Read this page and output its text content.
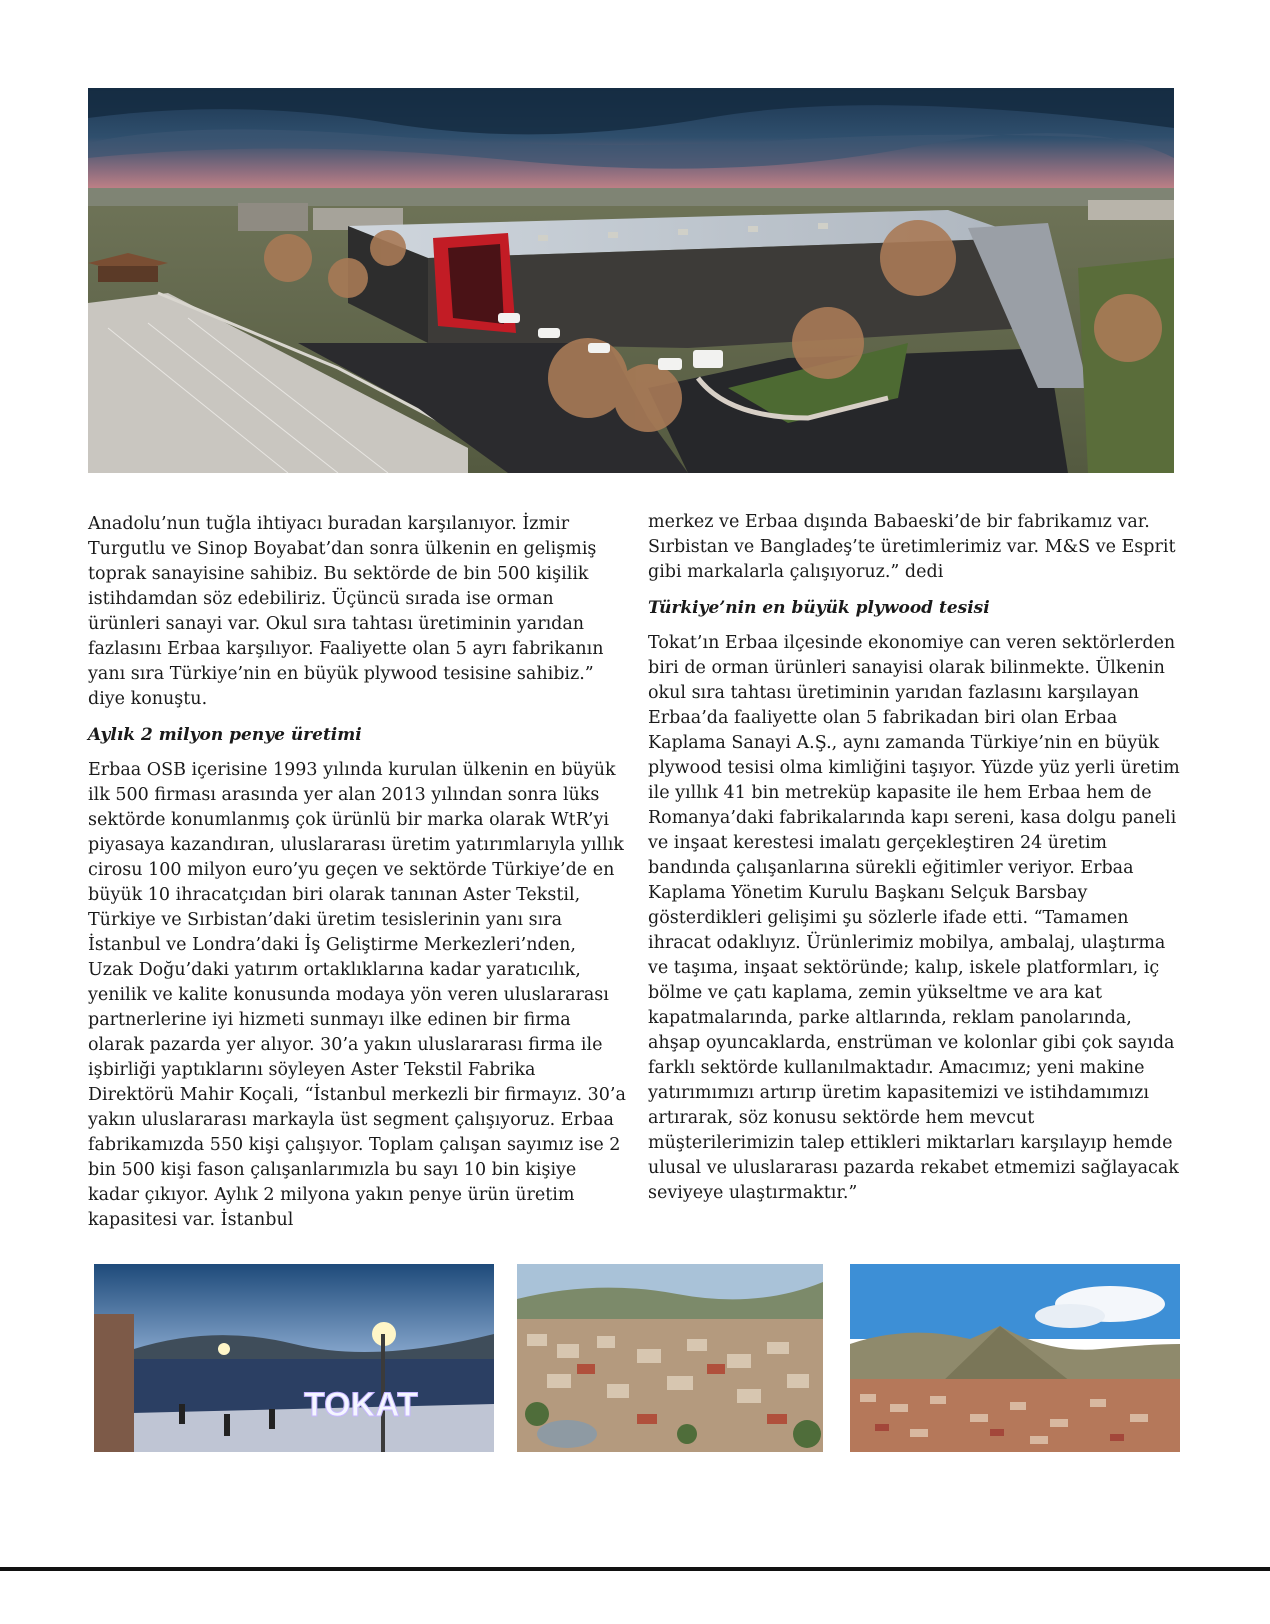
Anadolu’nun tuğla ihtiyacı buradan karşılanıyor. İzmir Turgutlu ve Sinop Boyabat’dan sonra ülkenin en gelişmiş toprak sanayisine sahibiz. Bu sektörde de bin 500 kişilik istihdamdan söz edebiliriz. Üçüncü sırada ise orman ürünleri sanayi var. Okul sıra tahtası üretiminin yarıdan fazlasını Erbaa karşılıyor. Faaliyette olan 5 ayrı fabrikanın yanı sıra Türkiye’nin en büyük plywood tesisine sahibiz.” diye konuştu.

Aylık 2 milyon penye üretimi

Erbaa OSB içerisine 1993 yılında kurulan ülkenin en büyük ilk 500 firması arasında yer alan 2013 yılından sonra lüks sektörde konumlanmış çok ürünlü bir marka olarak WtR’yi piyasaya kazandıran, uluslararası üretim yatırımlarıyla yıllık cirosu 100 milyon euro’yu geçen ve sektörde Türkiye’de en büyük 10 ihracatçıdan biri olarak tanınan Aster Tekstil, Türkiye ve Sırbistan’daki üretim tesislerinin yanı sıra İstanbul ve Londra’daki İş Geliştirme Merkezleri’nden, Uzak Doğu’daki yatırım ortaklıklarına kadar yaratıcılık, yenilik ve kalite konusunda modaya yön veren uluslararası partnerlerine iyi hizmeti sunmayı ilke edinen bir firma olarak pazarda yer alıyor. 30’a yakın uluslararası firma ile işbirliği yaptıklarını söyleyen Aster Tekstil Fabrika Direktörü Mahir Koçali, “İstanbul merkezli bir firmayız. 30’a yakın uluslararası markayla üst segment çalışıyoruz. Erbaa fabrikamızda 550 kişi çalışıyor. Toplam çalışan sayımız ise 2 bin 500 kişi fason çalışanlarımızla bu sayı 10 bin kişiye kadar çıkıyor. Aylık 2 milyona yakın penye ürün üretim kapasitesi var. İstanbul

merkez ve Erbaa dışında Babaeski’de bir fabrikamız var. Sırbistan ve Bangladeş’te üretimlerimiz var. M&S ve Esprit gibi markalarla çalışıyoruz.” dedi

Türkiye’nin en büyük plywood tesisi

Tokat’ın Erbaa ilçesinde ekonomiye can veren sektörlerden biri de orman ürünleri sanayisi olarak bilinmekte. Ülkenin okul sıra tahtası üretiminin yarıdan fazlasını karşılayan Erbaa’da faaliyette olan 5 fabrikadan biri olan Erbaa Kaplama Sanayi A.Ş., aynı zamanda Türkiye’nin en büyük plywood tesisi olma kimliğini taşıyor. Yüzde yüz yerli üretim ile yıllık 41 bin metreküp kapasite ile hem Erbaa hem de Romanya’daki fabrikalarında kapı sereni, kasa dolgu paneli ve inşaat kerestesi imalatı gerçekleştiren 24 üretim bandında çalışanlarına sürekli eğitimler veriyor. Erbaa Kaplama Yönetim Kurulu Başkanı Selçuk Barsbay gösterdikleri gelişimi şu sözlerle ifade etti. “Tamamen ihracat odaklıyız. Ürünlerimiz mobilya, ambalaj, ulaştırma ve taşıma, inşaat sektöründe; kalıp, iskele platformları, iç bölme ve çatı kaplama, zemin yükseltme ve ara kat kapatmalarında, parke altlarında, reklam panolarında, ahşap oyuncaklarda, enstrüman ve kolonlar gibi çok sayıda farklı sektörde kullanılmaktadır. Amacımız; yeni makine yatırımımızı artırıp üretim kapasitemizi ve istihdamımızı artırarak, söz konusu sektörde hem mevcut müşterilerimizin talep ettikleri miktarları karşılayıp hemde ulusal ve uluslararası pazarda rekabet etmemizi sağlayacak seviyeye ulaştırmaktır.”

TOKAT
